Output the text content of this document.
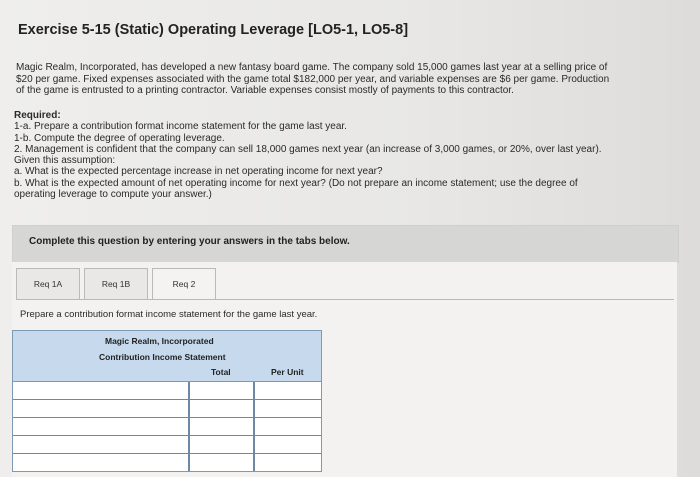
Exercise 5-15 (Static) Operating Leverage [LO5-1, LO5-8]
Magic Realm, Incorporated, has developed a new fantasy board game. The company sold 15,000 games last year at a selling price of
$20 per game. Fixed expenses associated with the game total $182,000 per year, and variable expenses are $6 per game. Production
of the game is entrusted to a printing contractor. Variable expenses consist mostly of payments to this contractor.
Required:
1-a. Prepare a contribution format income statement for the game last year.
1-b. Compute the degree of operating leverage.
2. Management is confident that the company can sell 18,000 games next year (an increase of 3,000 games, or 20%, over last year).
Given this assumption:
a. What is the expected percentage increase in net operating income for next year?
b. What is the expected amount of net operating income for next year? (Do not prepare an income statement; use the degree of
operating leverage to compute your answer.)
Complete this question by entering your answers in the tabs below.
Req 1A	Req 1B	Req 2
Prepare a contribution format income statement for the game last year.
Magic Realm, Incorporated
Contribution Income Statement
Total	Per Unit
